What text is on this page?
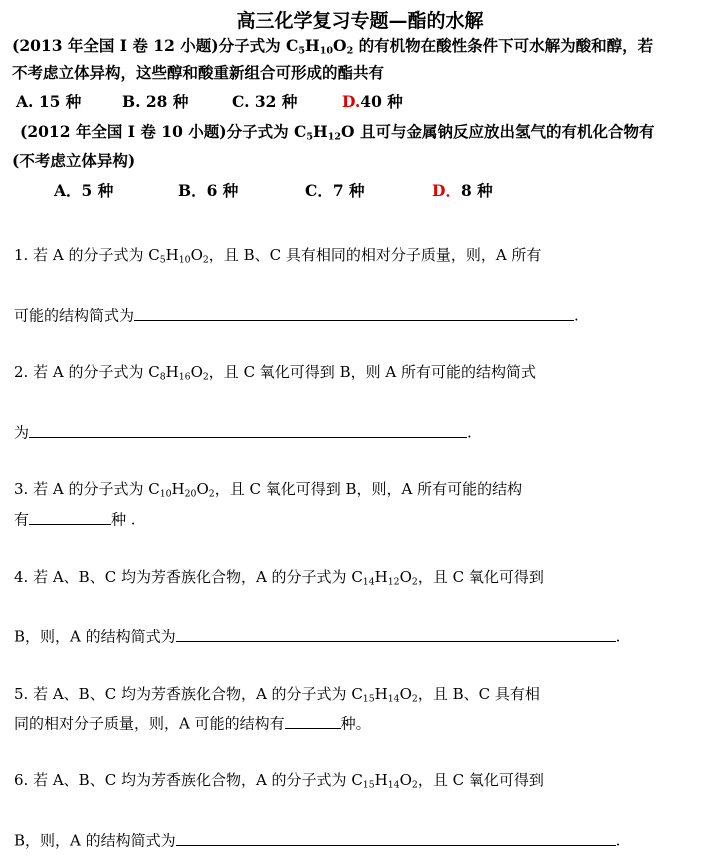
高三化学复习专题—酯的水解
(2013 年全国 I 卷 12 小题)分子式为 $C_5H_{10}O_2$ 的有机物在酸性条件下可水解为酸和醇，若
不考虑立体异构，这些醇和酸重新组合可形成的酯共有
A. 15 种	B. 28 种	C. 32 种	D.40 种
(2012 年全国 I 卷 10 小题)分子式为 $C_5H_{12}O$ 且可与金属钠反应放出氢气的有机化合物有
(不考虑立体异构)
A．5 种	B．6 种	C．7 种	D．8 种
1. 若 A 的分子式为 $C_5H_{10}O_2$，且 B、C 具有相同的相对分子质量，则，A 所有
可能的结构简式为	.
2. 若 A 的分子式为 $C_8H_{16}O_2$，且 C 氧化可得到 B，则 A 所有可能的结构简式
为	.
3. 若 A 的分子式为 $C_{10}H_{20}O_2$，且 C 氧化可得到 B，则，A 所有可能的结构
有	种 .
4. 若 A、B、C 均为芳香族化合物，A 的分子式为 $C_{14}H_{12}O_2$，且 C 氧化可得到
B，则，A 的结构简式为	.
5. 若 A、B、C 均为芳香族化合物，A 的分子式为 $C_{15}H_{14}O_2$，且 B、C 具有相
同的相对分子质量，则，A 可能的结构有	种。
6. 若 A、B、C 均为芳香族化合物，A 的分子式为 $C_{15}H_{14}O_2$，且 C 氧化可得到
B，则，A 的结构简式为	.
